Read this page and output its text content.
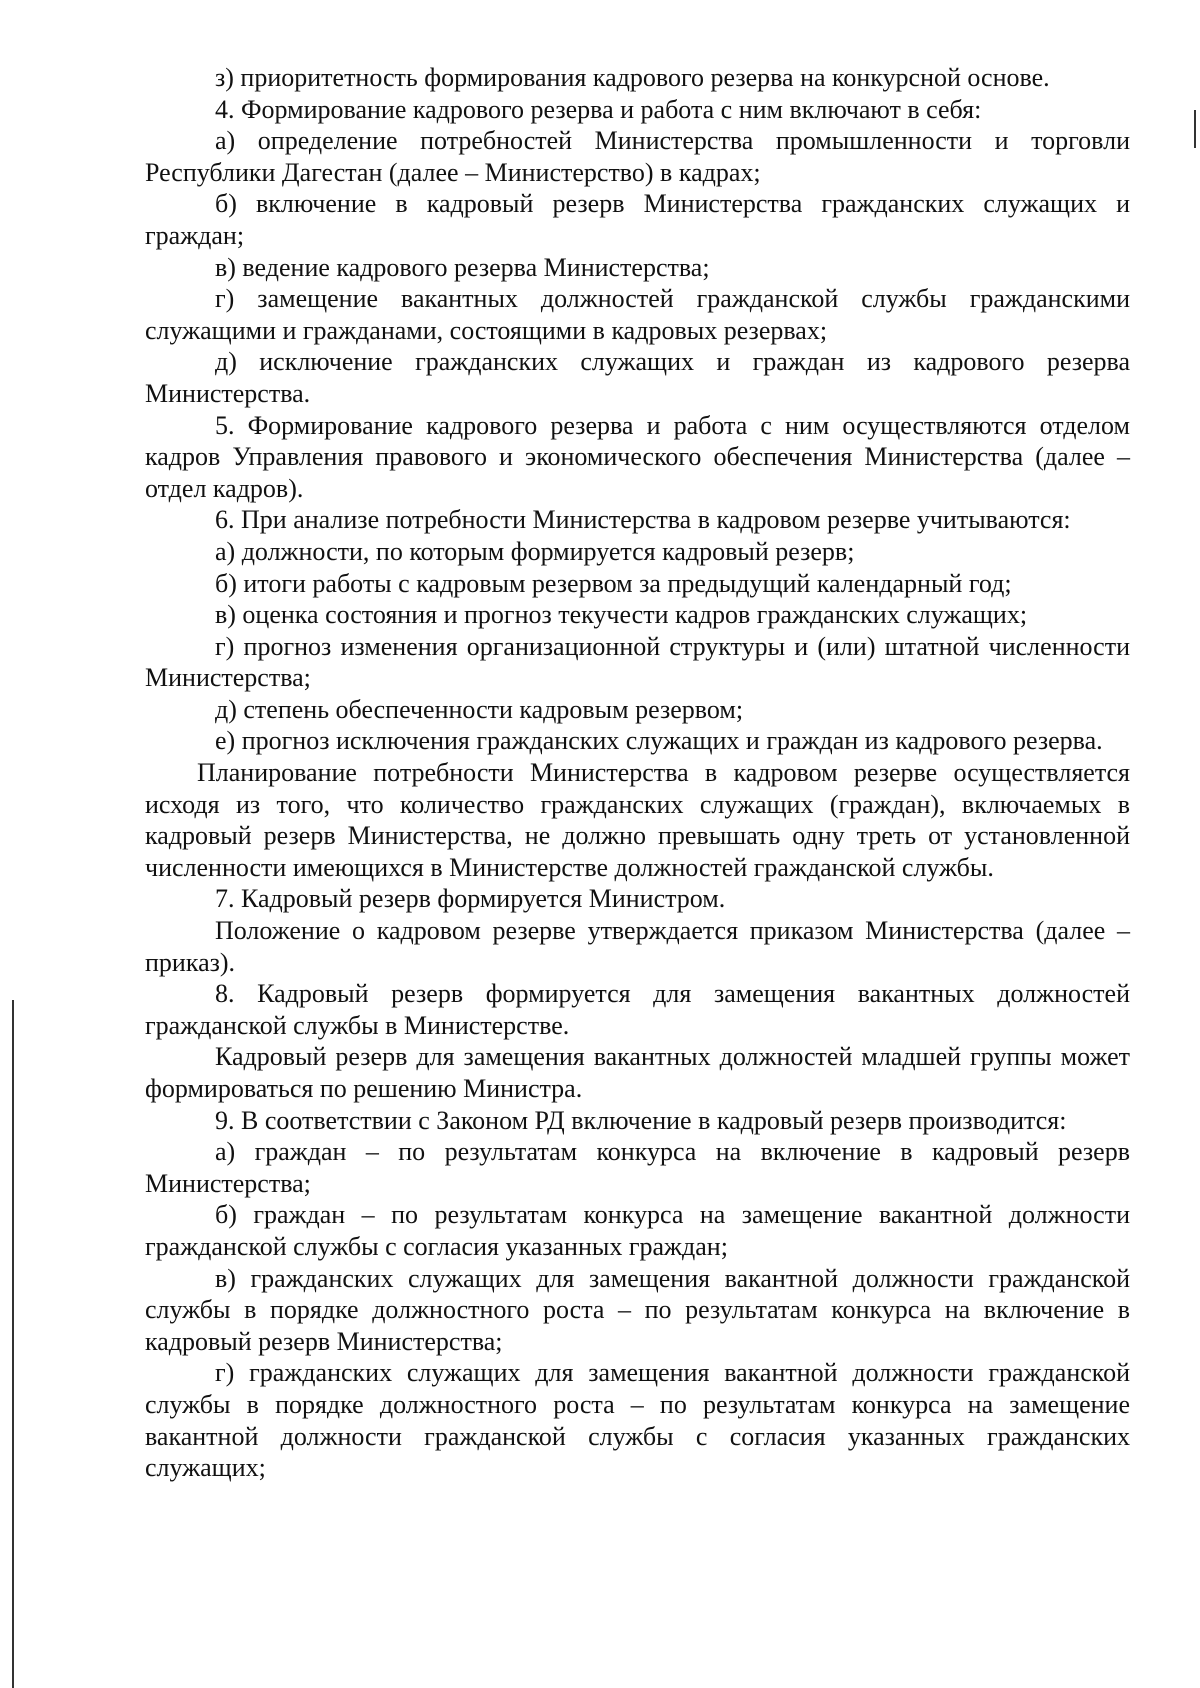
з) приоритетность формирования кадрового резерва на конкурсной основе.

4. Формирование кадрового резерва и работа с ним включают в себя:

а) определение потребностей Министерства промышленности и торговли Республики Дагестан (далее – Министерство) в кадрах;

б) включение в кадровый резерв Министерства гражданских служащих и граждан;

в) ведение кадрового резерва Министерства;

г) замещение вакантных должностей гражданской службы гражданскими служащими и гражданами, состоящими в кадровых резервах;

д) исключение гражданских служащих и граждан из кадрового резерва Министерства.

5. Формирование кадрового резерва и работа с ним осуществляются отделом кадров Управления правового и экономического обеспечения Министерства (далее – отдел кадров).

6. При анализе потребности Министерства в кадровом резерве учитываются:

а) должности, по которым формируется кадровый резерв;

б) итоги работы с кадровым резервом за предыдущий календарный год;

в) оценка состояния и прогноз текучести кадров гражданских служащих;

г) прогноз изменения организационной структуры и (или) штатной численности Министерства;

д) степень обеспеченности кадровым резервом;

е) прогноз исключения гражданских служащих и граждан из кадрового резерва.

Планирование потребности Министерства в кадровом резерве осуществляется исходя из того, что количество гражданских служащих (граждан), включаемых в кадровый резерв Министерства, не должно превышать одну треть от установленной численности имеющихся в Министерстве должностей гражданской службы.

7. Кадровый резерв формируется Министром.

Положение о кадровом резерве утверждается приказом Министерства (далее – приказ).

8. Кадровый резерв формируется для замещения вакантных должностей гражданской службы в Министерстве.

Кадровый резерв для замещения вакантных должностей младшей группы может формироваться по решению Министра.

9. В соответствии с Законом РД включение в кадровый резерв производится:

а) граждан – по результатам конкурса на включение в кадровый резерв Министерства;

б) граждан – по результатам конкурса на замещение вакантной должности гражданской службы с согласия указанных граждан;

в) гражданских служащих для замещения вакантной должности гражданской службы в порядке должностного роста – по результатам конкурса на включение в кадровый резерв Министерства;

г) гражданских служащих для замещения вакантной должности гражданской службы в порядке должностного роста – по результатам конкурса на замещение вакантной должности гражданской службы с согласия указанных гражданских служащих;
